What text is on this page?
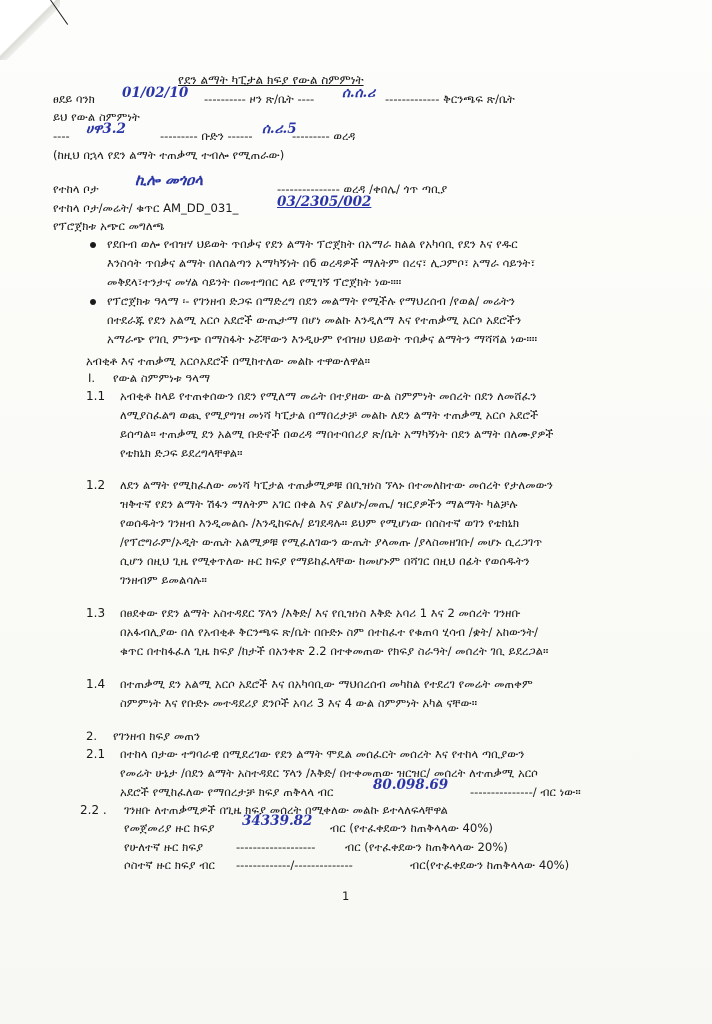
የደን ልማት ካፒታል ክፍያ የውል ስምምነት
ፀደይ ባንክ 01/02/10 ---------- ዞን ጽ/ቤት ---- ሰ.ሰ.ሪ ------------- ቅርንጫፍ ጽ/ቤት
ይህ የውል ስምምነት
---- ሀዋ3.2	--------- ቡድን ------ ሰ.ሪ.5
--------- ወረዳ
(ከዚህ በኋላ የደን ልማት ተጠቃሚ ተብሎ የሚጠራው)
የተከላ ቦታ ኪሎ መጎዐላ	--------------- ወረዳ /ቀበሌ/ ጎጥ ጣቢያ
የተከላ ቦታ/መሬት/ ቁጥር AM_DD_031_	03/2305/002
የፕሮጀክቱ አጭር መግለጫ
የደቡብ ወሎ የብዝሃ ህይወት ጥበቃና የደን ልማት ፕሮጀክት በአማራ ክልል የአካባቢ የደን እና የዱር
እንስሳት ጥበቃና ልማት በለሰልጣን አማካኝነት በ6 ወረዳዎች ማለትም በረና፣ ሊጋምቦ፣ አማራ ሳይንት፣
መቅደላ፣ተንታና መሃል ሳይንት በመተግበር ላይ የሚገኝ ፕሮጀክት ነው።።
የፕሮጀክቱ ዓላማ ፡- የገንዘብ ድጋፍ በማድረግ በደን መልማት የሚችሉ የማህረሰብ /የወል/ መሬትን
በተደራጁ የደን አልሚ አርሶ አደሮች ውጤታማ በሆነ መልኩ እንዲለማ እና የተጠቃሚ አርሶ አደሮችን
አማራጭ የገቢ ምንጭ በማስፋት ኑሯቸውን እንዲሁም የብዝሀ ህይወት ጥበቃና ልማትን ማሻሻል ነው።።
አብቂቶ እና ተጠቃሚ አርሶአደሮች በሚከተለው መልኩ ተዋውለዋል።
I. የውል ስምምነቱ ዓላማ
1.1 አብቂቶ ከላይ የተጠቀሰውን በደን የሚለማ መሬት በተያዘው ውል ስምምነት መሰረት በደን ለመሸፈን
ለሚያስፈልግ ወጪ የሚያግዝ መነሻ ካፒታል በማበረታቻ መልኩ ለደን ልማት ተጠቃሚ አርሶ አደሮች
ይሰጣል። ተጠቃሚ ደን አልሚ ቡድኖች በወረዳ ማበተባበሪያ ጽ/ቤት አማካኝነት በደን ልማት በለሙያዎች
የቴክኒክ ድጋፍ ይደረግላቸዋል።
1.2 ለደን ልማት የሚከፈለው መነሻ ካፒታል ተጠቃሚዎቹ በቢዝነስ ኘላኑ በተመለከተው መሰረት የታለመውን
ዝቅተኛ የደን ልማት ሽፋን ማለትም አገር በቀል እና ያልሆኑ/መጤ/ ዝርያዎችን ማልማት ካልቻሉ
የወሰዱትን ገንዘብ እንዲመልሱ /እንዲከፍሉ/ ይገደዳሉ። ይህም የሚሆነው በሰስተኛ ወገን የቴክኒክ
/የፕሮግራም/ኦዲት ውጤት አልሚዎቹ የሚፈለገውን ውጤት ያላመጡ /ያላስመዘገቡ/ መሆኑ ሲረጋገጥ
ሲሆን በዚህ ጊዜ የሚቀጥለው ዙር ክፍያ የማይከፈላቸው ከመሆኑም በሻገር በዚህ በፊት የወሰዱትን
ገንዘብም ይመልሳሉ።
1.3 በፀደቀው የደን ልማት አስተዳደር ኘላን /እቅድ/ እና የቢዝነስ እቅድ አባሪ 1 እና 2 መሰረት ገንዘቡ
በአፋብሊያው በለ የአብቂቶ ቅርንጫፍ ጽ/ቤት በቡድኑ ስም በተከፈተ የቁጠባ ሂሳብ /ቋት/ አከውንት/
ቁጥር በተከፋፈለ ጊዜ ክፍያ /ከታች በአንቀጽ 2.2 በተቀመጠው የክፍያ ስራዓት/ መሰረት ገቢ ይደረጋል።
1.4 በተጠቃሚ ደን አልሚ አርሶ አደሮች እና በአካባቢው ማህበረሰብ መካከል የተደረገ የመሬት መጠቀም
ስምምነት እና የቡድኑ መተዳደሪያ ደንቦች አባሪ 3 እና 4 ውል ስምምነት አካል ናቸው።
2. የገንዘብ ክፍያ መጠን
2.1 በተከላ በታው ተግባራዊ በሚደረገው የደን ልማት ሞዴል መሰፈርት መሰረት እና የተከላ ጣቢያውን
የመሬት ሁኔታ /በደን ልማት አስተዳደር ኘላን /እቅድ/ በተቀመጠው ዝርዝር/ መሰረት ለተጠቃሚ አርሶ
አደሮች የሚከፈለው የማበረታቻ ክፍያ ጠቅላላ ብር	80.098.69 ---------------/ ብር ነው።
2.2 . ገንዘቡ ለተጠቃሚዎች በጊዜ ክፍያ መሰረት በሚቀለው መልኩ ይተላለፍላቸዋል
የመጀመሪያ ዙር ክፍያ 34339.82 ብር (የተፈቀደውን ከጠቅላላው 40%)
የሁለተኛ ዙር ክፍያ	-------------------	ብር (የተፈቀደውን ከጠቅላላው 20%)
ሶስተኛ ዙር ክፍያ ብር -------------/--------------	ብር(የተፈቀደውን ከጠቅላላው 40%)
1
